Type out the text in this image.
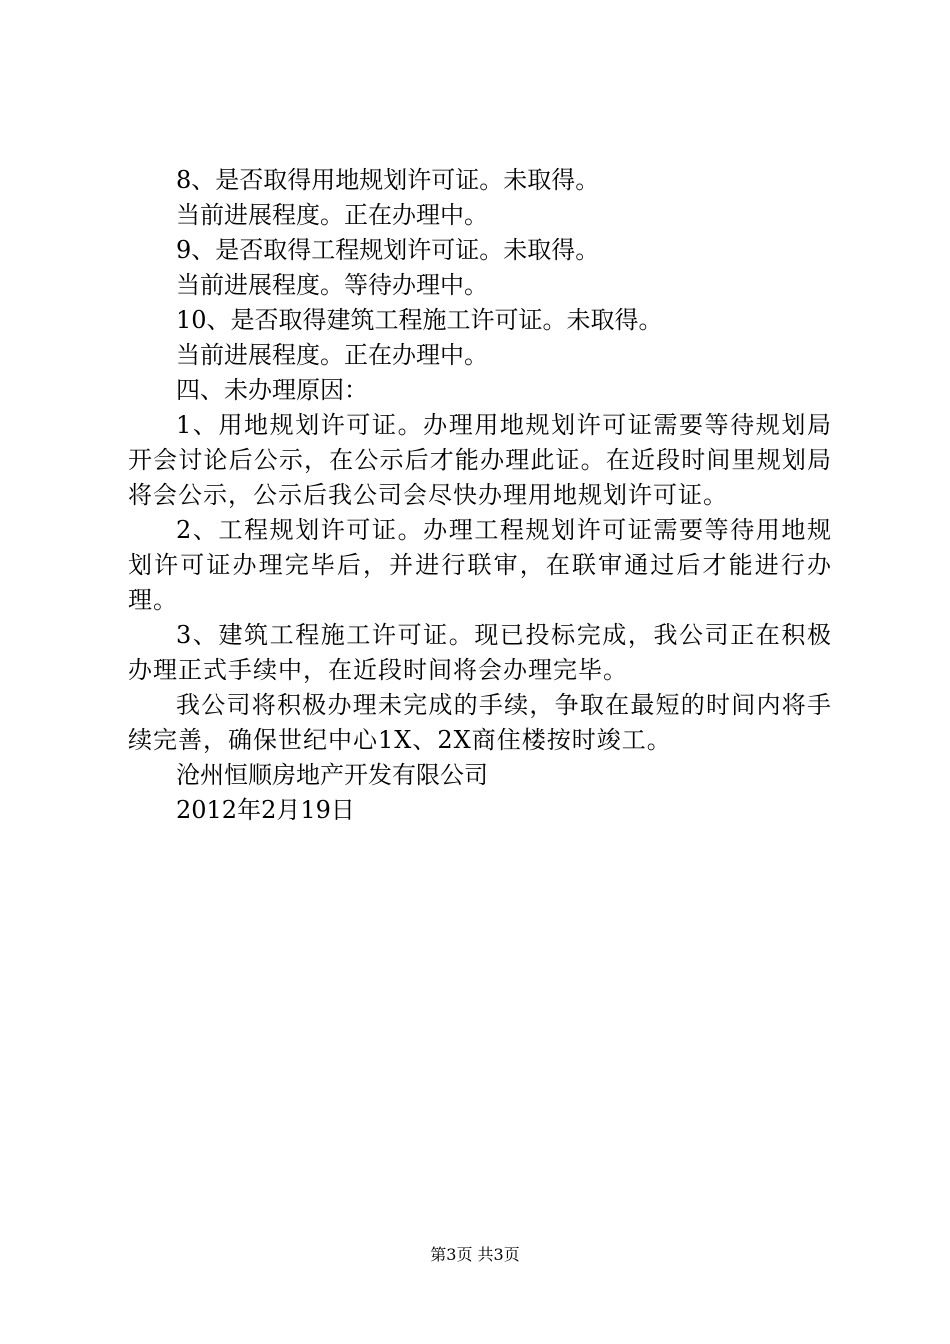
8、是否取得用地规划许可证。未取得。
当前进展程度。正在办理中。
9、是否取得工程规划许可证。未取得。
当前进展程度。等待办理中。
10、是否取得建筑工程施工许可证。未取得。
当前进展程度。正在办理中。
四、未办理原因：

1、用地规划许可证。办理用地规划许可证需要等待规划局开会讨论后公示，在公示后才能办理此证。在近段时间里规划局将会公示，公示后我公司会尽快办理用地规划许可证。

2、工程规划许可证。办理工程规划许可证需要等待用地规划许可证办理完毕后，并进行联审，在联审通过后才能进行办理。

3、建筑工程施工许可证。现已投标完成，我公司正在积极办理正式手续中，在近段时间将会办理完毕。

我公司将积极办理未完成的手续，争取在最短的时间内将手续完善，确保世纪中心1X、2X商住楼按时竣工。

沧州恒顺房地产开发有限公司
2012年2月19日
第3页 共3页
